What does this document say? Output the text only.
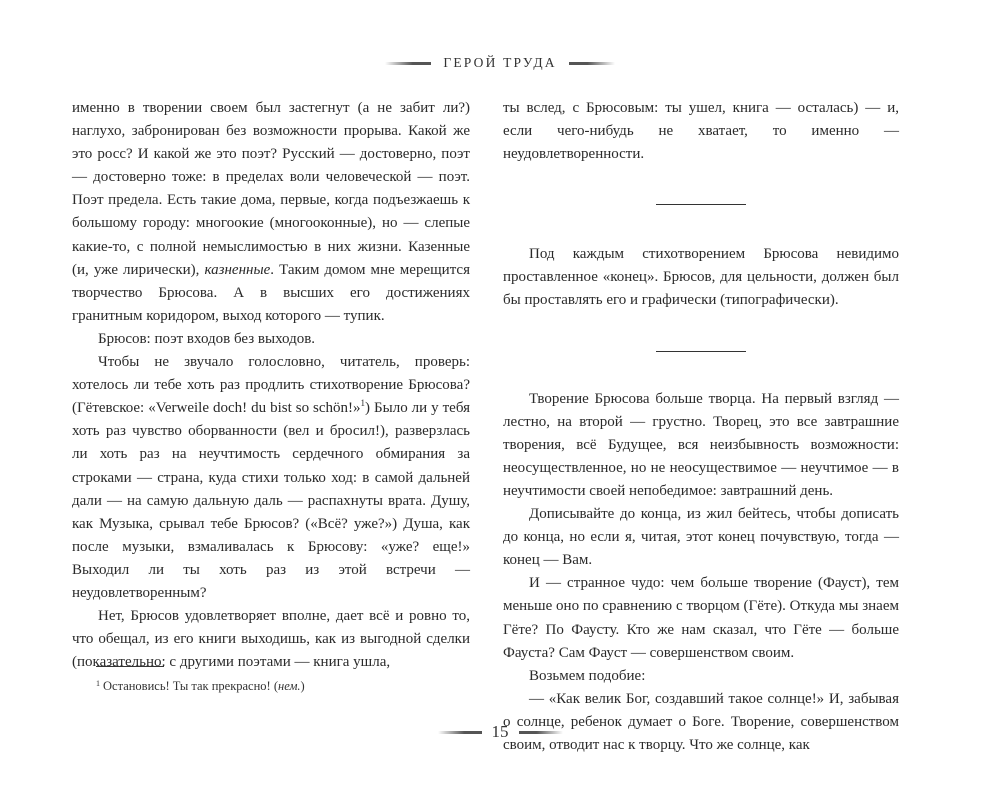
ГЕРОЙ ТРУДА

именно в творении своем был застегнут (а не забит ли?) наглухо, забронирован без возможности прорыва. Какой же это росс? И какой же это поэт? Русский — достоверно, поэт — достоверно тоже: в пределах воли человеческой — поэт. Поэт предела. Есть такие дома, первые, когда подъезжаешь к большому городу: многоокие (многооконные), но — слепые какие-то, с полной немыслимостью в них жизни. Казенные (и, уже лирически), казненные. Таким домом мне мерещится творчество Брюсова. А в высших его достижениях гранитным коридором, выход которого — тупик.

Брюсов: поэт входов без выходов.

Чтобы не звучало голословно, читатель, проверь: хотелось ли тебе хоть раз продлить стихотворение Брюсова? (Гётевское: «Verweile doch! du bist so schön!»$^1$) Было ли у тебя хоть раз чувство оборванности (вел и бросил!), разверзлась ли хоть раз на неучтимость сердечного обмирания за строками — страна, куда стихи только ход: в самой дальней дали — на самую дальную даль — распахнуты врата. Душу, как Музыка, срывал тебе Брюсов? («Всё? уже?») Душа, как после музыки, взмаливалась к Брюсову: «уже? еще!» Выходил ли ты хоть раз из этой встречи — неудовлетворенным?

Нет, Брюсов удовлетворяет вполне, дает всё и ровно то, что обещал, из его книги выходишь, как из выгодной сделки (показательно: с другими поэтами — книга ушла,

ты вслед, с Брюсовым: ты ушел, книга — осталась) — и, если чего-нибудь не хватает, то именно — неудовлетворенности.

Под каждым стихотворением Брюсова невидимо проставленное «конец». Брюсов, для цельности, должен был бы проставлять его и графически (типографически).

Творение Брюсова больше творца. На первый взгляд — лестно, на второй — грустно. Творец, это все завтрашние творения, всё Будущее, вся неизбывность возможности: неосуществленное, но не неосуществимое — неучтимое — в неучтимости своей непобедимое: завтрашний день.

Дописывайте до конца, из жил бейтесь, чтобы дописать до конца, но если я, читая, этот конец почувствую, тогда — конец — Вам.

И — странное чудо: чем больше творение (Фауст), тем меньше оно по сравнению с творцом (Гёте). Откуда мы знаем Гёте? По Фаусту. Кто же нам сказал, что Гёте — больше Фауста? Сам Фауст — совершенством своим.

Возьмем подобие:

— «Как велик Бог, создавший такое солнце!» И, забывая о солнце, ребенок думает о Боге. Творение, совершенством своим, отводит нас к творцу. Что же солнце, как

$^1$ Остановись! Ты так прекрасно! (нем.)
15
